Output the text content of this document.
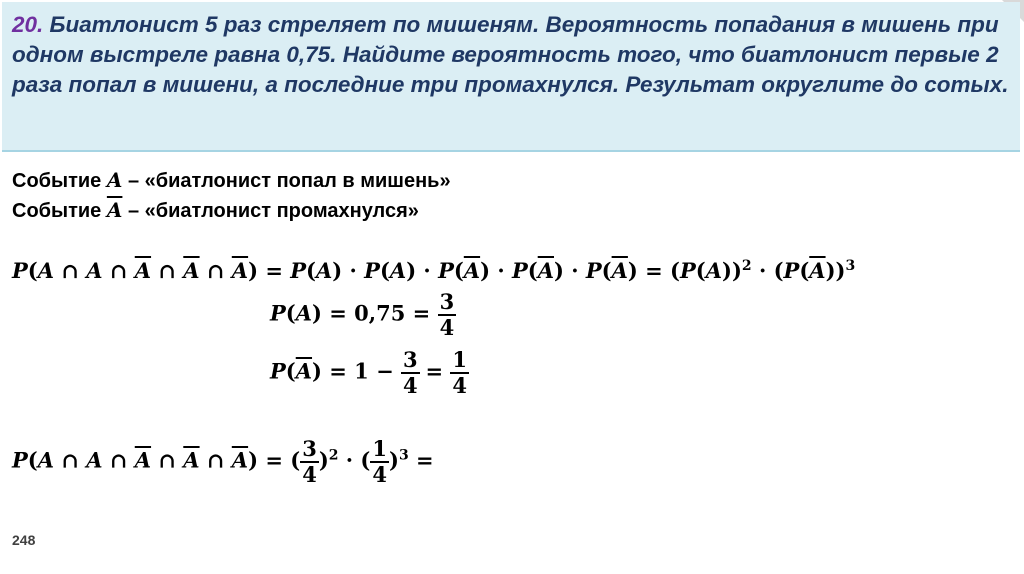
20. Биатлонист 5 раз стреляет по мишеням. Вероятность попадания в мишень при одном выстреле равна 0,75. Найдите вероятность того, что биатлонист первые 2 раза попал в мишени, а последние три промахнулся. Результат округлите до сотых.

Событие A – «биатлонист попал в мишень»
Событие $\overline{A}$ – «биатлонист промахнулся»
P(A ∩ A ∩ $\overline{A}$ ∩ $\overline{A}$ ∩ $\overline{A}) = P(A) \cdot P(A) \cdot P(\overline{A}) \cdot P(\overline{A}) \cdot P(\overline{A}) = (P(A))^2 \cdot (P(\overline{A}))^3$
$P(A) = 0,75 = \frac{3}{4}$
$P(\overline{A}) = 1 - \frac{3}{4} = \frac{1}{4}$
P(A ∩ A ∩ $\overline{A}$ ∩ $\overline{A}$ ∩ $\overline{A}$) = ( $\frac{3}{4} )^2$ · ( $\frac{1}{4} )^3$ =
248
